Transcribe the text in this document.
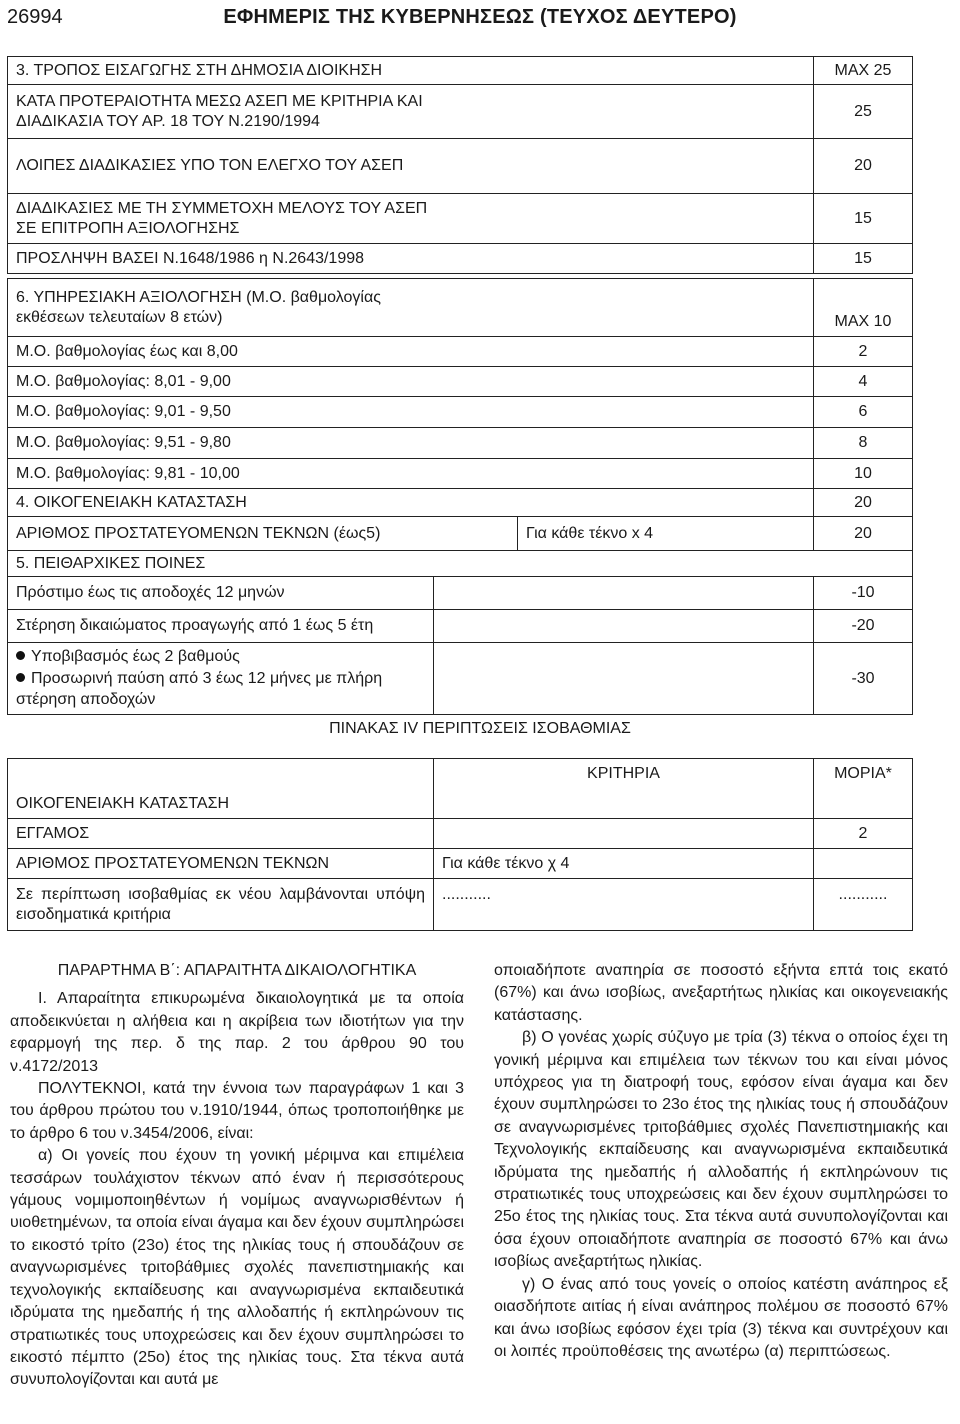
26994	ΕΦΗΜΕΡΙΣ ΤΗΣ ΚΥΒΕΡΝΗΣΕΩΣ (ΤΕΥΧΟΣ ΔΕΥΤΕΡΟ)
3. ΤΡΟΠΟΣ ΕΙΣΑΓΩΓΗΣ ΣΤΗ ΔΗΜΟΣΙΑ ΔΙΟΙΚΗΣΗ	ΜΑΧ 25
ΚΑΤΑ ΠΡΟΤΕΡΑΙΟΤΗΤΑ ΜΕΣΩ ΑΣΕΠ ΜΕ ΚΡΙΤΗΡΙΑ ΚΑΙ ΔΙΑΔΙΚΑΣΙΑ ΤΟΥ ΑΡ. 18 ΤΟΥ Ν.2190/1994	25
ΛΟΙΠΕΣ ΔΙΑΔΙΚΑΣΙΕΣ ΥΠΟ ΤΟΝ ΕΛΕΓΧΟ ΤΟΥ ΑΣΕΠ	20
ΔΙΑΔΙΚΑΣΙΕΣ ΜΕ ΤΗ ΣΥΜΜΕΤΟΧΗ ΜΕΛΟΥΣ ΤΟΥ ΑΣΕΠ ΣΕ ΕΠΙΤΡΟΠΗ ΑΞΙΟΛΟΓΗΣΗΣ	15
ΠΡΟΣΛΗΨΗ ΒΑΣΕΙ Ν.1648/1986 η Ν.2643/1998	15
6. ΥΠΗΡΕΣΙΑΚΗ ΑΞΙΟΛΟΓΗΣΗ (Μ.Ο. βαθμολογίας εκθέσεων τελευταίων 8 ετών)	ΜΑΧ 10
Μ.Ο. βαθμολογίας έως και 8,00	2
Μ.Ο. βαθμολογίας: 8,01 - 9,00	4
Μ.Ο. βαθμολογίας: 9,01 - 9,50	6
Μ.Ο. βαθμολογίας: 9,51 - 9,80	8
Μ.Ο. βαθμολογίας: 9,81 - 10,00	10
4. ΟΙΚΟΓΕΝΕΙΑΚΗ ΚΑΤΑΣΤΑΣΗ		20
ΑΡΙΘΜΟΣ ΠΡΟΣΤΑΤΕΥΟΜΕΝΩΝ ΤΕΚΝΩΝ (έως5)	Για κάθε τέκνο x 4	20
5. ΠΕΙΘΑΡΧΙΚΕΣ ΠΟΙΝΕΣ		
Πρόστιμο έως τις αποδοχές 12 μηνών		-10
Στέρηση δικαιώματος προαγωγής από 1 έως 5 έτη		-20

Υποβιβασμός έως 2 βαθμούς
Προσωρινή παύση από 3 έως 12 μήνες με πλήρη
στέρηση αποδοχών		-30
ΠΙΝΑΚΑΣ IV ΠΕΡΙΠΤΩΣΕΙΣ ΙΣΟΒΑΘΜΙΑΣ
ΟΙΚΟΓΕΝΕΙΑΚΗ ΚΑΤΑΣΤΑΣΗ	ΚΡΙΤΗΡΙΑ	ΜΟΡΙΑ*

ΕΓΓΑΜΟΣ		2
ΑΡΙΘΜΟΣ ΠΡΟΣΤΑΤΕΥΟΜΕΝΩΝ ΤΕΚΝΩΝ	Για κάθε τέκνο χ 4	
Σε περίπτωση ισοβαθμίας εκ νέου λαμβάνονται υπόψη εισοδηματικά κριτήρια	...........	...........

ΠΑΡΑΡΤΗΜΑ Β΄: ΑΠΑΡΑΙΤΗΤΑ ΔΙΚΑΙΟΛΟΓΗΤΙΚΑ

Ι. Απαραίτητα επικυρωμένα δικαιολογητικά με τα οποία αποδεικνύεται η αλήθεια και η ακρίβεια των ιδιοτήτων για την εφαρμογή της περ. δ της παρ. 2 του άρθρου 90 του ν.4172/2013

ΠΟΛΥΤΕΚΝΟΙ, κατά την έννοια των παραγράφων 1 και 3 του άρθρου πρώτου του ν.1910/1944, όπως τροποποιήθηκε με το άρθρο 6 του ν.3454/2006, είναι:

α) Οι γονείς που έχουν τη γονική μέριμνα και επιμέλεια τεσσάρων τουλάχιστον τέκνων από έναν ή περισσότερους γάμους νομιμοποιηθέντων ή νομίμως αναγνωρισθέντων ή υιοθετημένων, τα οποία είναι άγαμα και δεν έχουν συμπληρώσει το εικοστό τρίτο (23ο) έτος της ηλικίας τους ή σπουδάζουν σε αναγνωρισμένες τριτοβάθμιες σχολές πανεπιστημιακής και τεχνολογικής εκπαίδευσης και αναγνωρισμένα εκπαιδευτικά ιδρύματα της ημεδαπής ή της αλλοδαπής ή εκπληρώνουν τις στρατιωτικές τους υποχρεώσεις και δεν έχουν συμπληρώσει το εικοστό πέμπτο (25ο) έτος της ηλικίας τους. Στα τέκνα αυτά συνυπολογίζονται και αυτά με

οποιαδήποτε αναπηρία σε ποσοστό εξήντα επτά τοις εκατό (67%) και άνω ισοβίως, ανεξαρτήτως ηλικίας και οικογενειακής κατάστασης.

β) Ο γονέας χωρίς σύζυγο με τρία (3) τέκνα ο οποίος έχει τη γονική μέριμνα και επιμέλεια των τέκνων του και είναι μόνος υπόχρεος για τη διατροφή τους, εφόσον είναι άγαμα και δεν έχουν συμπληρώσει το 23ο έτος της ηλικίας τους ή σπουδάζουν σε αναγνωρισμένες τριτοβάθμιες σχολές Πανεπιστημιακής και Τεχνολογικής εκπαίδευσης και αναγνωρισμένα εκπαιδευτικά ιδρύματα της ημεδαπής ή αλλοδαπής ή εκπληρώνουν τις στρατιωτικές τους υποχρεώσεις και δεν έχουν συμπληρώσει το 25ο έτος της ηλικίας τους. Στα τέκνα αυτά συνυπολογίζονται και όσα έχουν οποιαδήποτε αναπηρία σε ποσοστό 67% και άνω ισοβίως ανεξαρτήτως ηλικίας.

γ) Ο ένας από τους γονείς ο οποίος κατέστη ανάπηρος εξ οιασδήποτε αιτίας ή είναι ανάπηρος πολέμου σε ποσοστό 67% και άνω ισοβίως εφόσον έχει τρία (3) τέκνα και συντρέχουν και οι λοιπές προϋποθέσεις της ανωτέρω (α) περιπτώσεως.
